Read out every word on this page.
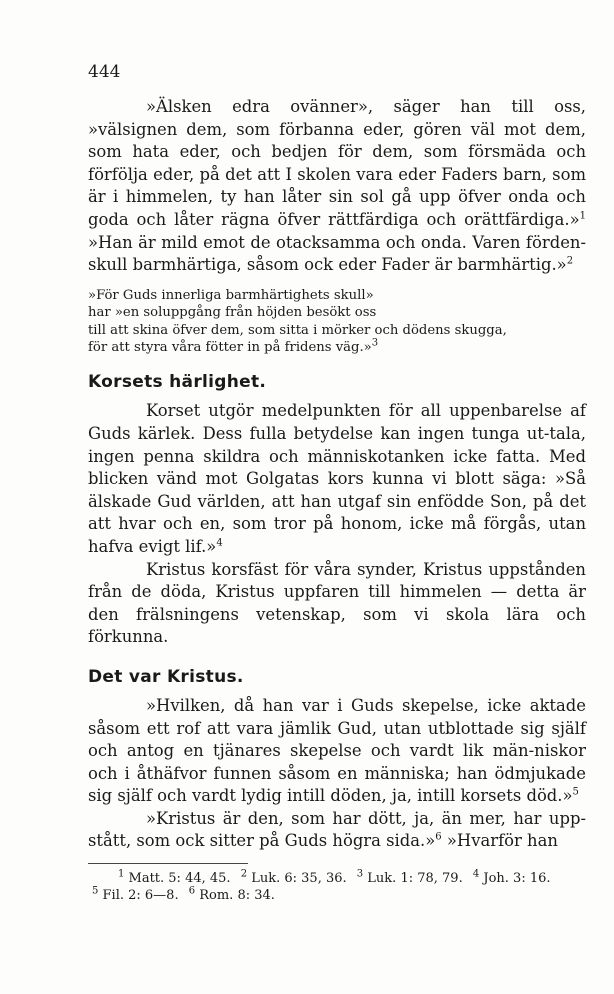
444

»Älsken edra ovänner», säger han till oss, »välsignen dem, som förbanna eder, gören väl mot dem, som hata eder, och bedjen för dem, som försmäda och förfölja eder, på det att I skolen vara eder Faders barn, som är i himmelen, ty han låter sin sol gå upp öfver onda och goda och låter rägna öfver rättfärdiga och orättfärdiga.»$^1$ »Han är mild emot de otacksamma och onda. Varen förden-skull barmhärtiga, såsom ock eder Fader är barmhärtig.»$^2$

»För Guds innerliga barmhärtighets skull»
har »en soluppgång från höjden besökt oss
till att skina öfver dem, som sitta i mörker och dödens skugga,
för att styra våra fötter in på fridens väg.»$^3$
Korsets härlighet.

Korset utgör medelpunkten för all uppenbarelse af Guds kärlek. Dess fulla betydelse kan ingen tunga ut-tala, ingen penna skildra och människotanken icke fatta. Med blicken vänd mot Golgatas kors kunna vi blott säga: »Så älskade Gud världen, att han utgaf sin enfödde Son, på det att hvar och en, som tror på honom, icke må förgås, utan hafva evigt lif.»$^4$

Kristus korsfäst för våra synder, Kristus uppstånden från de döda, Kristus uppfaren till himmelen — detta är den frälsningens vetenskap, som vi skola lära och förkunna.

Det var Kristus.

»Hvilken, då han var i Guds skepelse, icke aktade såsom ett rof att vara jämlik Gud, utan utblottade sig själf och antog en tjänares skepelse och vardt lik män-niskor och i åthäfvor funnen såsom en människa; han ödmjukade sig själf och vardt lydig intill döden, ja, intill korsets död.»$^5$

»Kristus är den, som har dött, ja, än mer, har upp-stått, som ock sitter på Guds högra sida.»$^6$ »Hvarför han

$^1$ Matt. 5: 44, 45. $^2$ Luk. 6: 35, 36. $^3$ Luk. 1: 78, 79. $^4$ Joh. 3: 16.
$^5$ Fil. 2: 6—8. $^6$ Rom. 8: 34.
